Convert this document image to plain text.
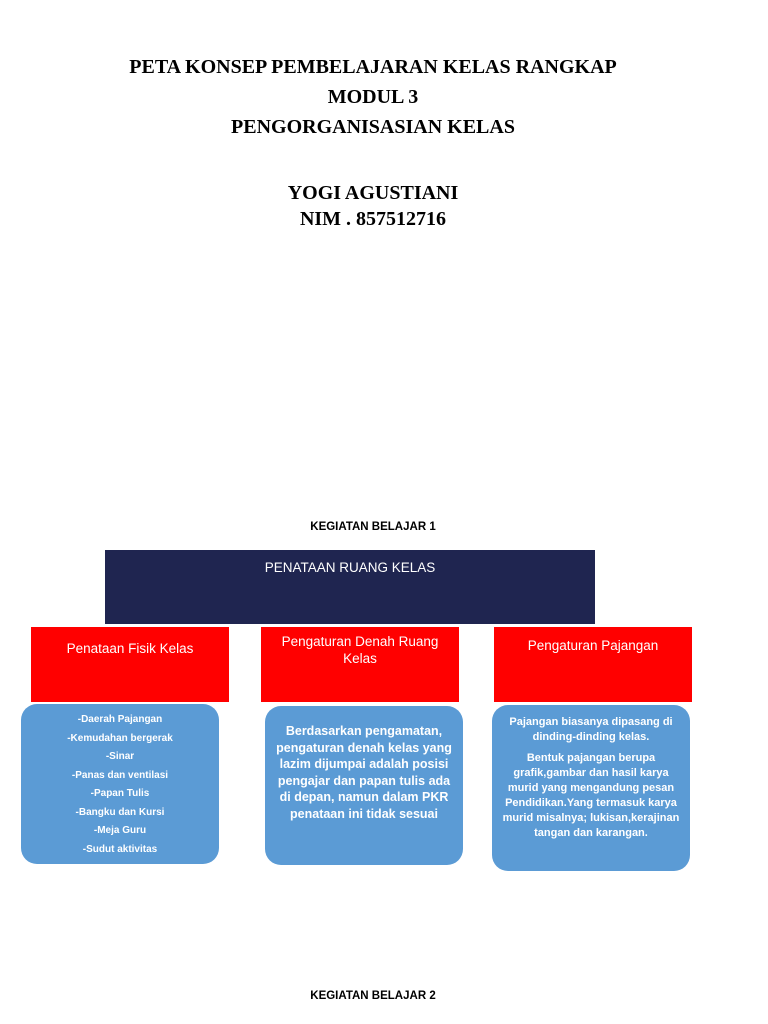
PETA KONSEP PEMBELAJARAN KELAS RANGKAP
MODUL 3
PENGORGANISASIAN KELAS
YOGI AGUSTIANI
NIM . 857512716
KEGIATAN BELAJAR 1
PENATAAN RUANG KELAS
Penataan Fisik Kelas	Pengaturan Denah Ruang Kelas
Pengaturan Pajangan
-Daerah Pajangan
-Kemudahan bergerak
-Sinar
-Panas dan ventilasi
-Papan Tulis
-Bangku dan Kursi
-Meja Guru
-Sudut aktivitas
Berdasarkan pengamatan, pengaturan denah kelas yang lazim dijumpai adalah posisi pengajar dan papan tulis ada di depan, namun dalam PKR penataan ini tidak sesuai
Pajangan biasanya dipasang di dinding-dinding kelas.
Bentuk pajangan berupa grafik,gambar dan hasil karya murid yang mengandung pesan Pendidikan.Yang termasuk karya murid misalnya; lukisan,kerajinan tangan dan karangan.
KEGIATAN BELAJAR 2
